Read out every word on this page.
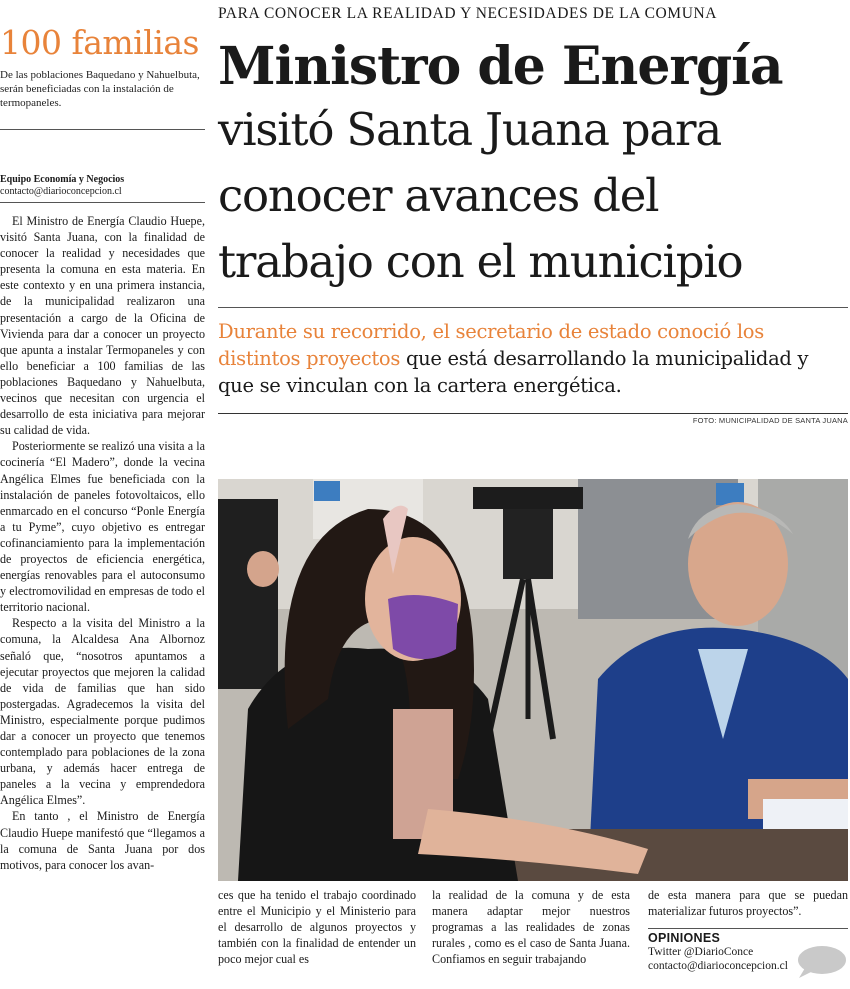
100 familias
De las poblaciones Baquedano y Nahuelbuta, serán beneficiadas con la instalación de termopaneles.
Equipo Economía y Negocios
contacto@diarioconcepcion.cl

El Ministro de Energía Claudio Huepe, visitó Santa Juana, con la finalidad de conocer la realidad y necesidades que presenta la comuna en esta materia. En este contexto y en una primera instancia, de la municipalidad realizaron una presentación a cargo de la Oficina de Vivienda para dar a conocer un proyecto que apunta a instalar Termopaneles y con ello beneficiar a 100 familias de las poblaciones Baquedano y Nahuelbuta, vecinos que necesitan con urgencia el desarrollo de esta iniciativa para mejorar su calidad de vida.

Posteriormente se realizó una visita a la cocinería “El Madero”, donde la vecina Angélica Elmes fue beneficiada con la instalación de paneles fotovoltaicos, ello enmarcado en el concurso “Ponle Energía a tu Pyme”, cuyo objetivo es entregar cofinanciamiento para la implementación de proyectos de eficiencia energética, energías renovables para el autoconsumo y electromovilidad en empresas de todo el territorio nacional.

Respecto a la visita del Ministro a la comuna, la Alcaldesa Ana Albornoz señaló que, “nosotros apuntamos a ejecutar proyectos que mejoren la calidad de vida de familias que han sido postergadas. Agradecemos la visita del Ministro, especialmente porque pudimos dar a conocer un proyecto que tenemos contemplado para poblaciones de la zona urbana, y además hacer entrega de paneles a la vecina y emprendedora Angélica Elmes”.

En tanto , el Ministro de Energía Claudio Huepe manifestó que “llegamos a la comuna de Santa Juana por dos motivos, para conocer los avan-

PARA CONOCER LA REALIDAD Y NECESIDADES DE LA COMUNA
Ministro de Energía
visitó Santa Juana para
conocer avances del
trabajo con el municipio
Durante su recorrido, el secretario de estado conoció los distintos proyectos que está desarrollando la municipalidad y que se vinculan con la cartera energética.
FOTO: MUNICIPALIDAD DE SANTA JUANA

ces que ha tenido el trabajo coordinado entre el Municipio y el Ministerio para el desarrollo de algunos proyectos y también con la finalidad de entender un poco mejor cual es

la realidad de la comuna y de esta manera adaptar mejor nuestros programas a las realidades de zonas rurales , como es el caso de Santa Juana. Confiamos en seguir trabajando

de esta manera para que se puedan materializar futuros proyectos”.

OPINIONES
Twitter @DiarioConce
contacto@diarioconcepcion.cl
